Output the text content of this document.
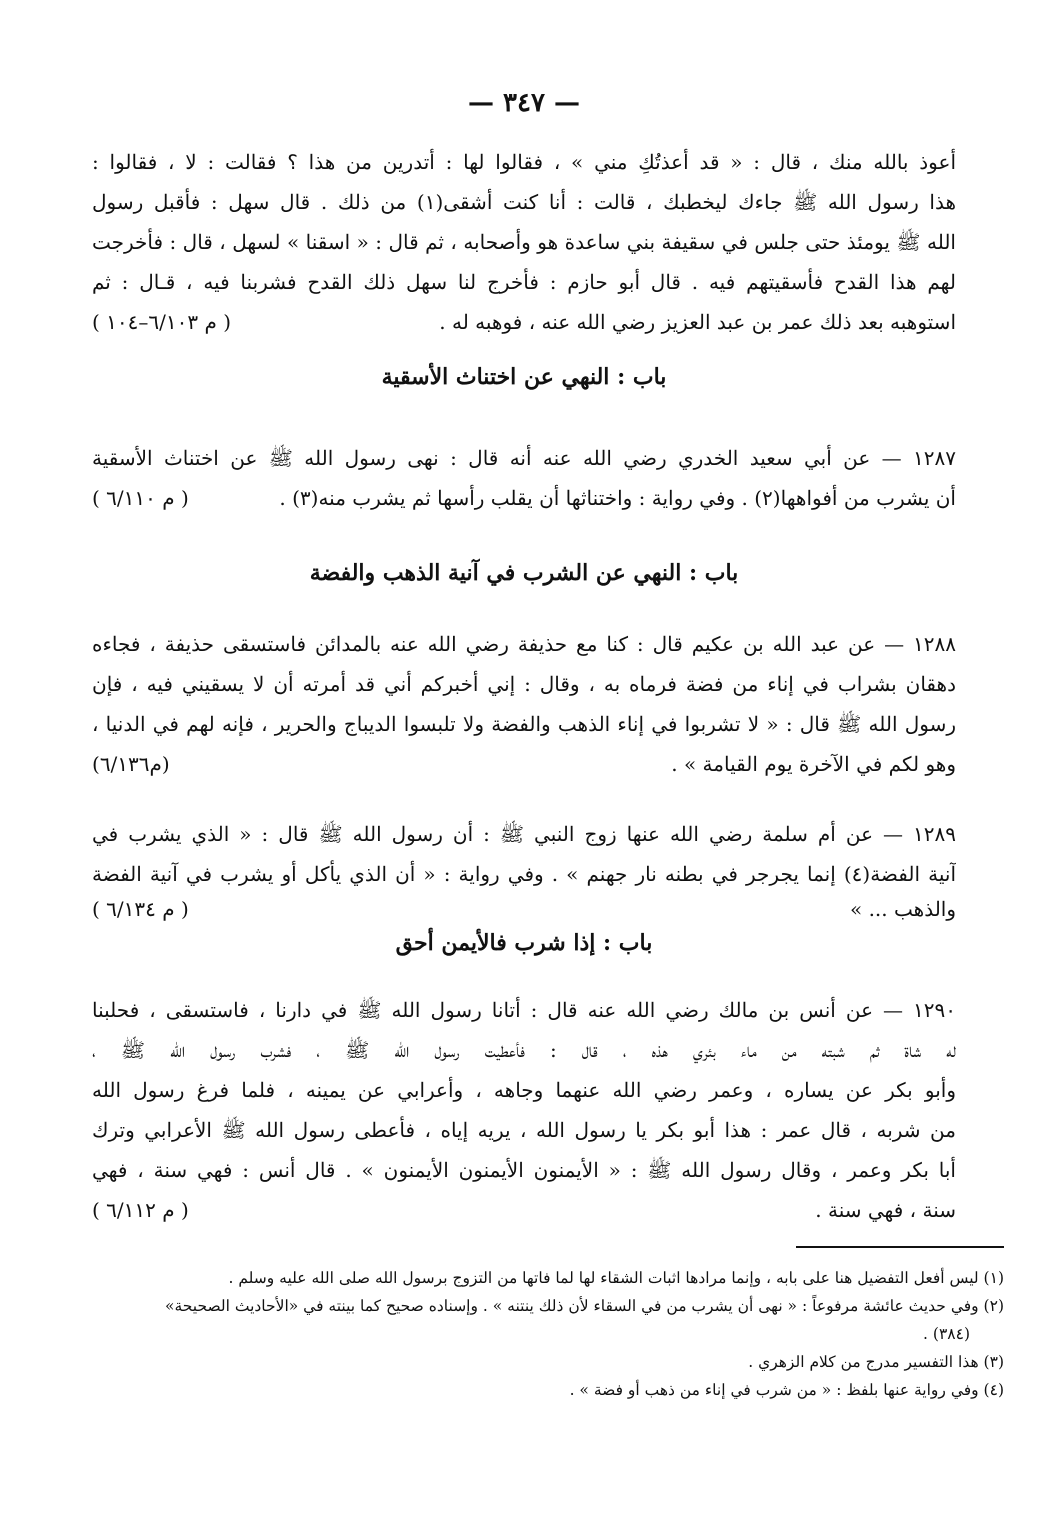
— ٣٤٧ —
أعوذ بالله منك ، قال : « قد أعذتُكِ مني » ، فقالوا لها : أتدرين من هذا ؟ فقالت : لا ، فقالوا :
هذا رسول الله ﷺ جاءك ليخطبك ، قالت : أنا كنت أشقى(١) من ذلك . قال سهل : فأقبل رسول
الله ﷺ يومئذ حتى جلس في سقيفة بني ساعدة هو وأصحابه ، ثم قال : « اسقنا » لسهل ، قال : فأخرجت
لهم هذا القدح فأسقيتهم فيه . قال أبو حازم : فأخرج لنا سهل ذلك القدح فشربنا فيه ، قـال : ثم
استوهبه بعد ذلك عمر بن عبد العزيز رضي الله عنه ، فوهبه له .
( م ٦/١٠٣–١٠٤ )
باب : النهي عن اختناث الأسقية
١٢٨٧ — عن أبي سعيد الخدري رضي الله عنه أنه قال : نهى رسول الله ﷺ عن اختناث الأسقية
أن يشرب من أفواهها(٢) . وفي رواية : واختناثها أن يقلب رأسها ثم يشرب منه(٣) .
( م ٦/١١٠ )
باب : النهي عن الشرب في آنية الذهب والفضة
١٢٨٨ — عن عبد الله بن عكيم قال : كنا مع حذيفة رضي الله عنه بالمدائن فاستسقى حذيفة ، فجاءه
دهقان بشراب في إناء من فضة فرماه به ، وقال : إني أخبركم أني قد أمرته أن لا يسقيني فيه ، فإن
رسول الله ﷺ قال : « لا تشربوا في إناء الذهب والفضة ولا تلبسوا الديباج والحرير ، فإنه لهم في الدنيا ،
وهو لكم في الآخرة يوم القيامة » .
(م٦/١٣٦)
١٢٨٩ — عن أم سلمة رضي الله عنها زوج النبي ﷺ : أن رسول الله ﷺ قال : « الذي يشرب في
آنية الفضة(٤) إنما يجرجر في بطنه نار جهنم » . وفي رواية : « أن الذي يأكل أو يشرب في آنية الفضة
والذهب ... »
( م ٦/١٣٤ )
باب : إذا شرب فالأيمن أحق
١٢٩٠ — عن أنس بن مالك رضي الله عنه قال : أتانا رسول الله ﷺ في دارنا ، فاستسقى ، فحلبنا
له شاة ثم شبته من ماء بئري هذه ، قال : فأعطيت رسول الله ﷺ ، فشرب رسول الله ﷺ ،
وأبو بكر عن يساره ، وعمر رضي الله عنهما وجاهه ، وأعرابي عن يمينه ، فلما فرغ رسول الله
من شربه ، قال عمر : هذا أبو بكر يا رسول الله ، يريه إياه ، فأعطى رسول الله ﷺ الأعرابي وترك
أبا بكر وعمر ، وقال رسول الله ﷺ : « الأيمنون الأيمنون الأيمنون » . قال أنس : فهي سنة ، فهي
سنة ، فهي سنة .
( م ٦/١١٢ )
(١) ليس أفعل التفضيل هنا على بابه ، وإنما مرادها اثبات الشقاء لها لما فاتها من التزوج برسول الله صلى الله عليه وسلم .
(٢) وفي حديث عائشة مرفوعاً : « نهى أن يشرب من في السقاء لأن ذلك ينتنه » . وإسناده صحيح كما بينته في «الأحاديث الصحيحة»
(٣٨٤) .
(٣) هذا التفسير مدرج من كلام الزهري .
(٤) وفي رواية عنها بلفظ : « من شرب في إناء من ذهب أو فضة » .
